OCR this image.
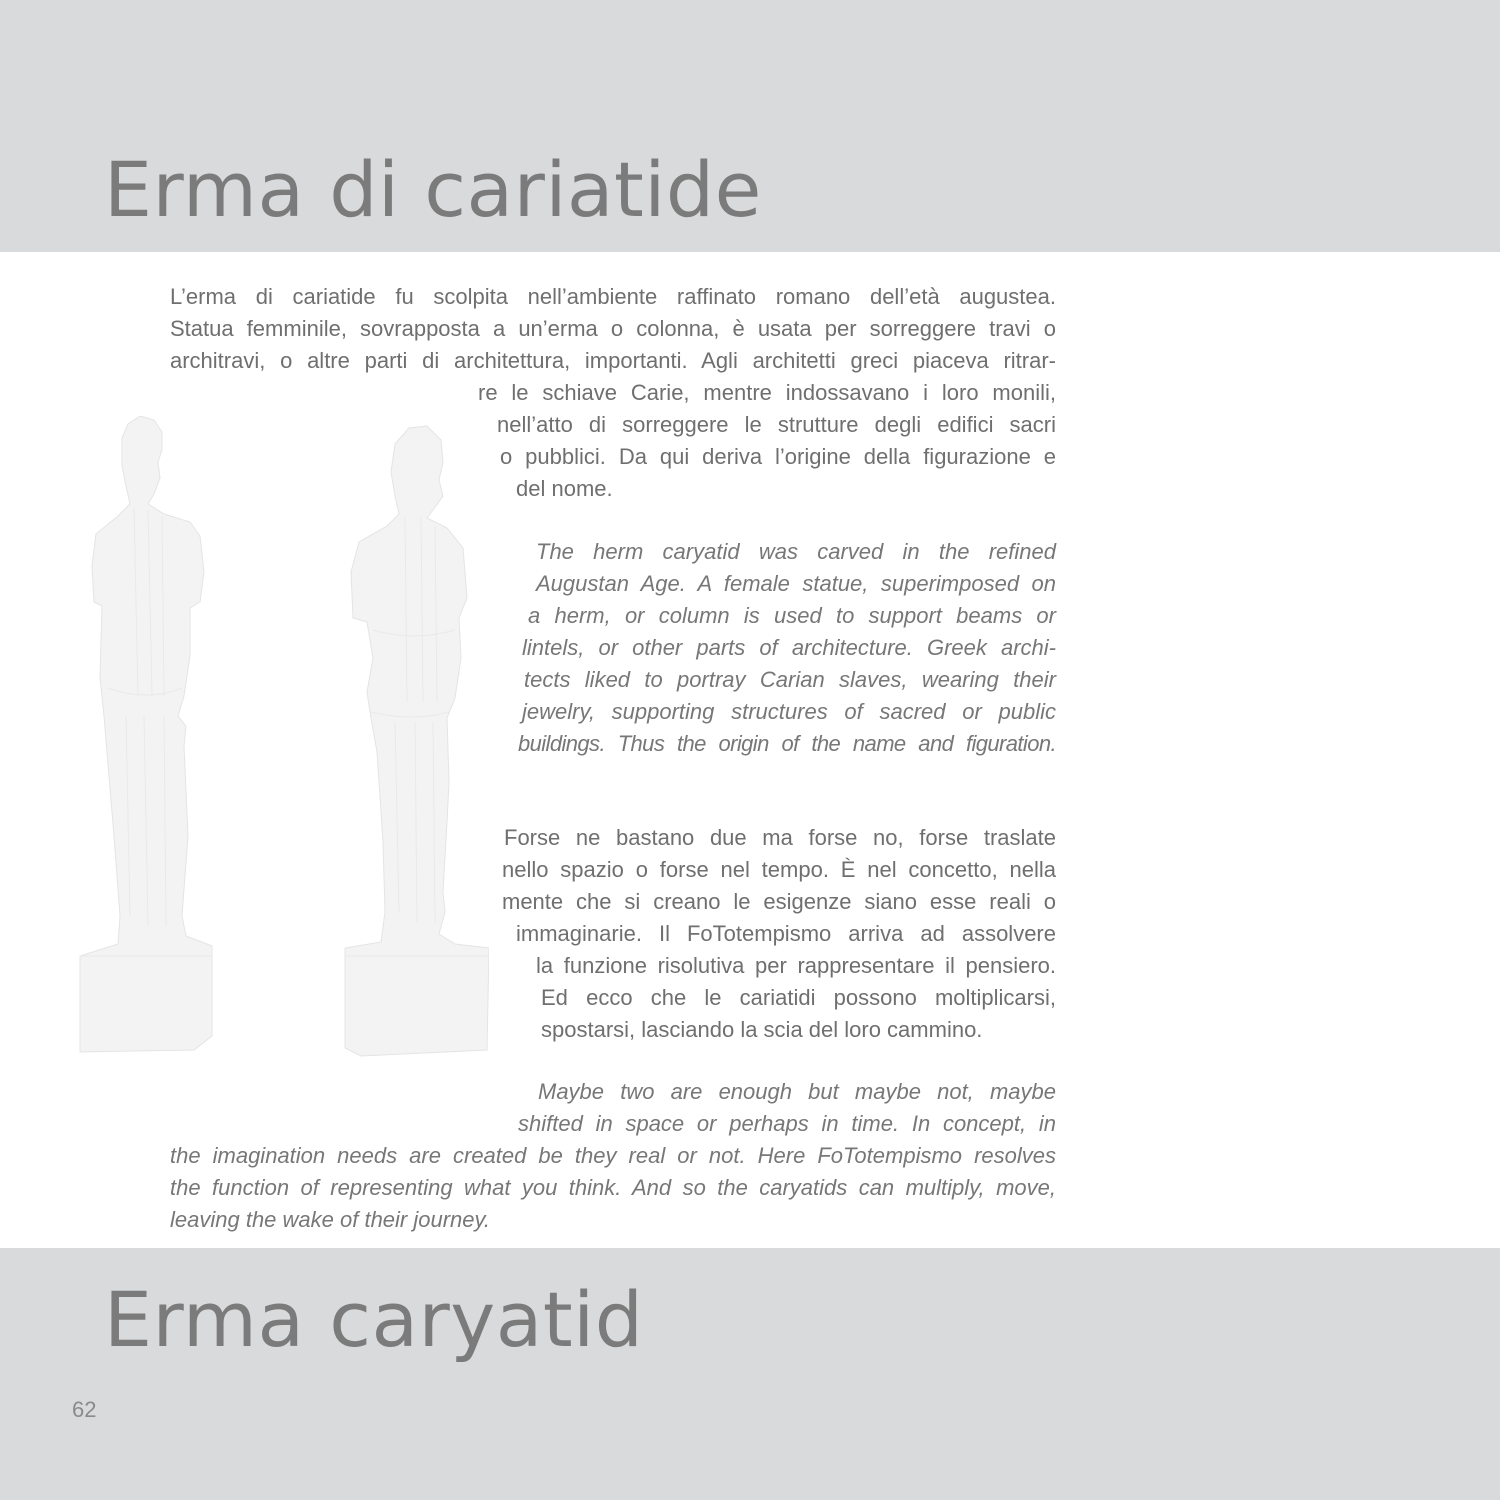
Erma di cariatide
L’erma di cariatide fu scolpita nell’ambiente raffinato romano dell’età augustea.
Statua femminile, sovrapposta a un’erma o colonna, è usata per sorreggere travi o
architravi, o altre parti di architettura, importanti. Agli architetti greci piaceva ritrar-
re le schiave Carie, mentre indossavano i loro monili,
nell’atto di sorreggere le strutture degli edifici sacri
o pubblici. Da qui deriva l’origine della figurazione e
del nome.
The herm caryatid was carved in the refined
Augustan Age. A female statue, superimposed on
a herm, or column is used to support beams or
lintels, or other parts of architecture. Greek archi-
tects liked to portray Carian slaves, wearing their
jewelry, supporting structures of sacred or public
buildings. Thus the origin of the name and figuration.
Forse ne bastano due ma forse no, forse traslate
nello spazio o forse nel tempo. È nel concetto, nella
mente che si creano le esigenze siano esse reali o
immaginarie. Il FoTotempismo arriva ad assolvere
la funzione risolutiva per rappresentare il pensiero.
Ed ecco che le cariatidi possono moltiplicarsi,
spostarsi, lasciando la scia del loro cammino.
Maybe two are enough but maybe not, maybe
shifted in space or perhaps in time. In concept, in
the imagination needs are created be they real or not. Here FoTotempismo resolves
the function of representing what you think. And so the caryatids can multiply, move,
leaving the wake of their journey.
Erma caryatid
62
